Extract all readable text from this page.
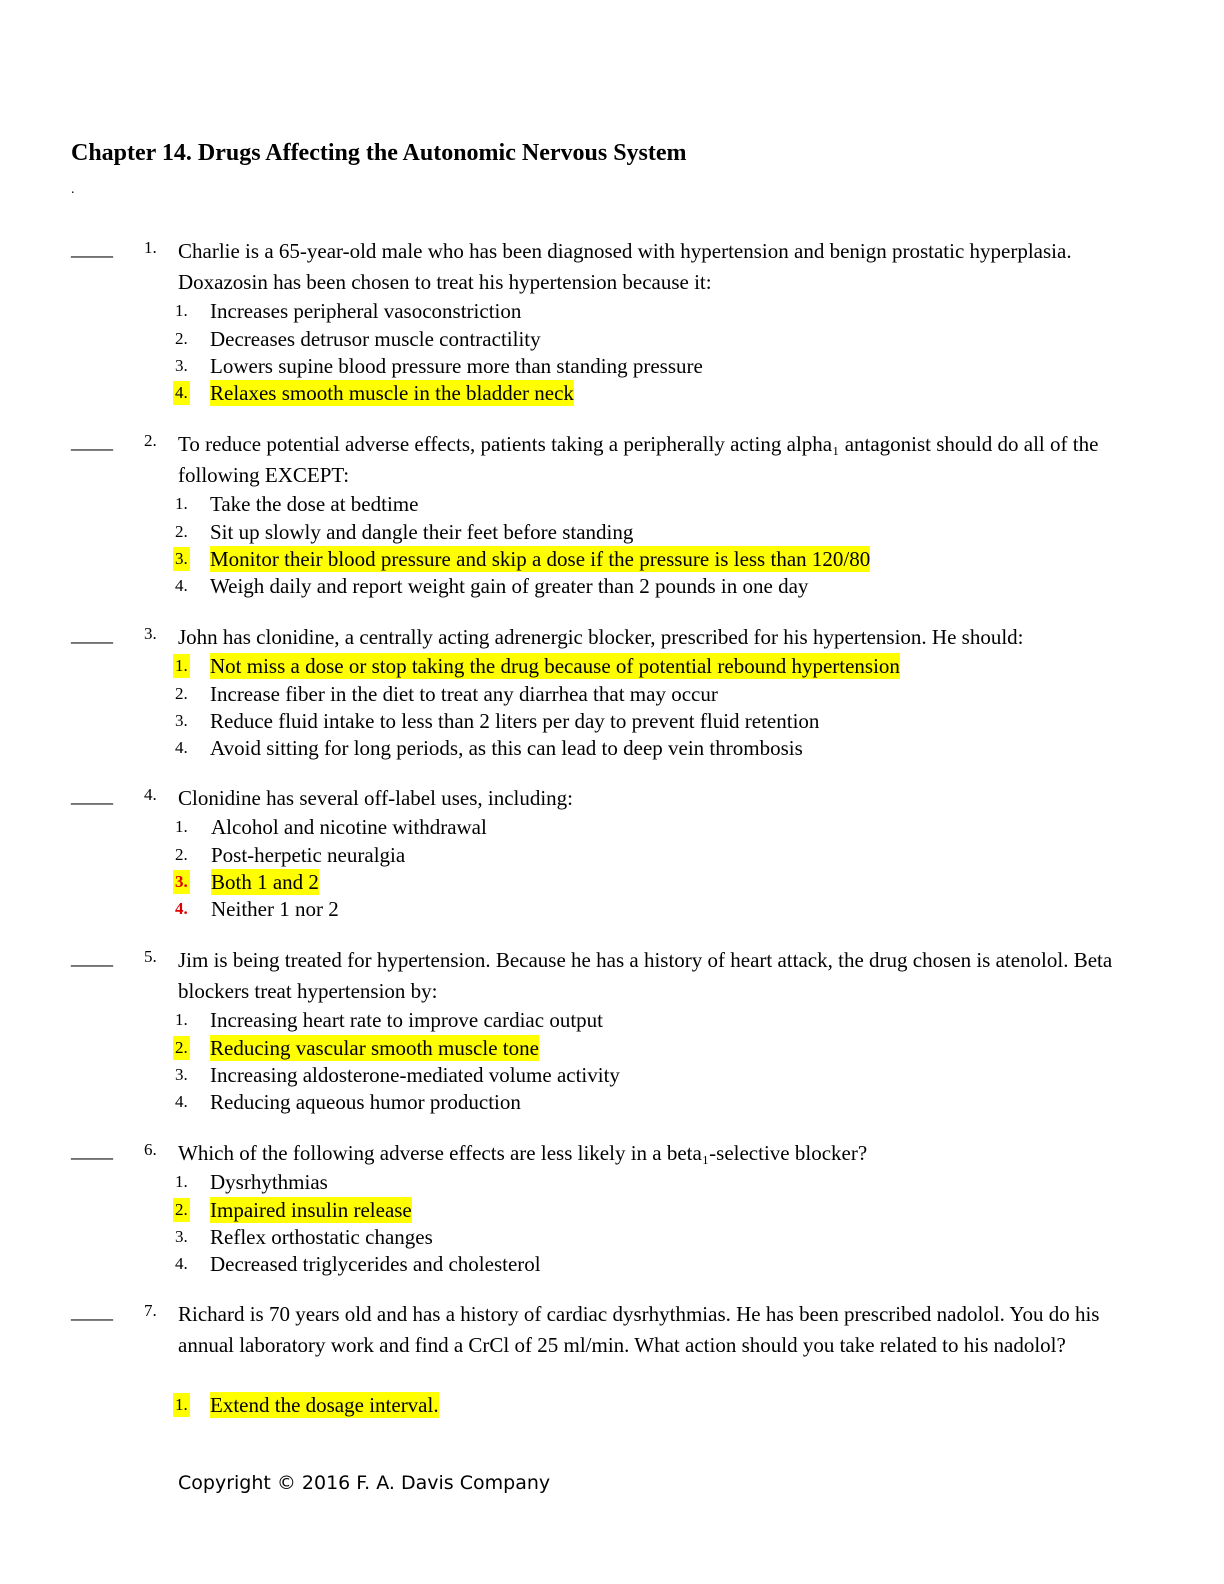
Chapter 14. Drugs Affecting the Autonomic Nervous System
.
____ 1. Charlie is a 65-year-old male who has been diagnosed with hypertension and benign prostatic hyperplasia. Doxazosin has been chosen to treat his hypertension because it:

1. Increases peripheral vasoconstriction
2. Decreases detrusor muscle contractility
3. Lowers supine blood pressure more than standing pressure
4. Relaxes smooth muscle in the bladder neck
____ 2. To reduce potential adverse effects, patients taking a peripherally acting alpha₁ antagonist should do all of the following EXCEPT:

1. Take the dose at bedtime
2. Sit up slowly and dangle their feet before standing
3. Monitor their blood pressure and skip a dose if the pressure is less than 120/80
4. Weigh daily and report weight gain of greater than 2 pounds in one day
____ 3. John has clonidine, a centrally acting adrenergic blocker, prescribed for his hypertension. He should:

1. Not miss a dose or stop taking the drug because of potential rebound hypertension
2. Increase fiber in the diet to treat any diarrhea that may occur
3. Reduce fluid intake to less than 2 liters per day to prevent fluid retention
4. Avoid sitting for long periods, as this can lead to deep vein thrombosis
____ 4. Clonidine has several off-label uses, including:

1. Alcohol and nicotine withdrawal
2. Post-herpetic neuralgia
3. Both 1 and 2
4. Neither 1 nor 2
____ 5. Jim is being treated for hypertension. Because he has a history of heart attack, the drug chosen is atenolol. Beta blockers treat hypertension by:

1. Increasing heart rate to improve cardiac output
2. Reducing vascular smooth muscle tone
3. Increasing aldosterone-mediated volume activity
4. Reducing aqueous humor production
____ 6. Which of the following adverse effects are less likely in a beta₁-selective blocker?

1. Dysrhythmias
2. Impaired insulin release
3. Reflex orthostatic changes
4. Decreased triglycerides and cholesterol
____ 7. Richard is 70 years old and has a history of cardiac dysrhythmias. He has been prescribed nadolol. You do his annual laboratory work and find a CrCl of 25 ml/min. What action should you take related to his nadolol?

1. Extend the dosage interval.
Copyright © 2016 F. A. Davis Company
